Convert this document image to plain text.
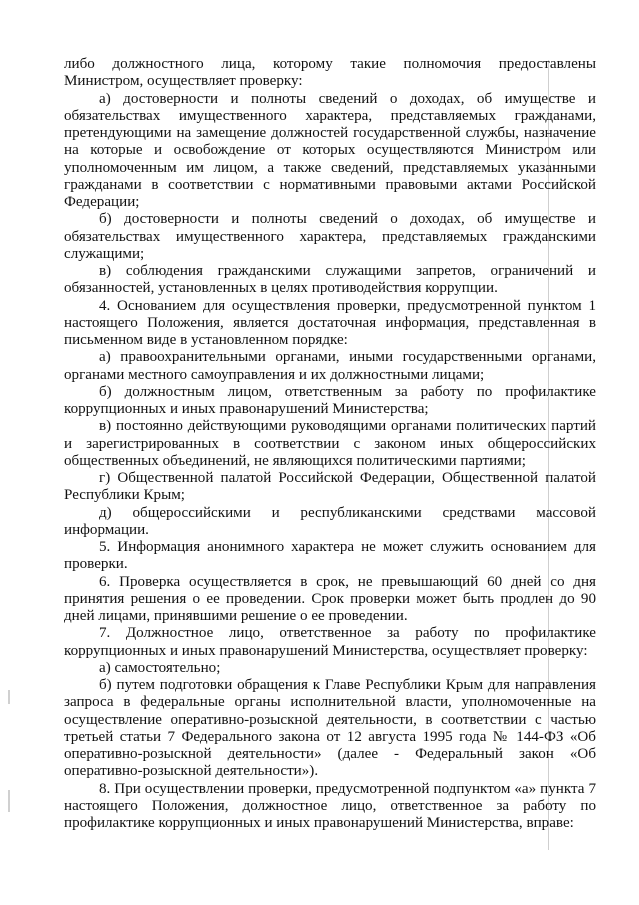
либо должностного лица, которому такие полномочия предоставлены Министром, осуществляет проверку:

а) достоверности и полноты сведений о доходах, об имуществе и обязательствах имущественного характера, представляемых гражданами, претендующими на замещение должностей государственной службы, назначение на которые и освобождение от которых осуществляются Министром или уполномоченным им лицом, а также сведений, представляемых указанными гражданами в соответствии с нормативными правовыми актами Российской Федерации;

б) достоверности и полноты сведений о доходах, об имуществе и обязательствах имущественного характера, представляемых гражданскими служащими;

в) соблюдения гражданскими служащими запретов, ограничений и обязанностей, установленных в целях противодействия коррупции.

4. Основанием для осуществления проверки, предусмотренной пунктом 1 настоящего Положения, является достаточная информация, представленная в письменном виде в установленном порядке:

а) правоохранительными органами, иными государственными органами, органами местного самоуправления и их должностными лицами;

б) должностным лицом, ответственным за работу по профилактике коррупционных и иных правонарушений Министерства;

в) постоянно действующими руководящими органами политических партий и зарегистрированных в соответствии с законом иных общероссийских общественных объединений, не являющихся политическими партиями;

г) Общественной палатой Российской Федерации, Общественной палатой Республики Крым;

д) общероссийскими и республиканскими средствами массовой информации.

5. Информация анонимного характера не может служить основанием для проверки.

6. Проверка осуществляется в срок, не превышающий 60 дней со дня принятия решения о ее проведении. Срок проверки может быть продлен до 90 дней лицами, принявшими решение о ее проведении.

7. Должностное лицо, ответственное за работу по профилактике коррупционных и иных правонарушений Министерства, осуществляет проверку:

а) самостоятельно;

б) путем подготовки обращения к Главе Республики Крым для направления запроса в федеральные органы исполнительной власти, уполномоченные на осуществление оперативно-розыскной деятельности, в соответствии с частью третьей статьи 7 Федерального закона от 12 августа 1995 года № 144-ФЗ «Об оперативно-розыскной деятельности» (далее - Федеральный закон «Об оперативно-розыскной деятельности»).

8. При осуществлении проверки, предусмотренной подпунктом «а» пункта 7 настоящего Положения, должностное лицо, ответственное за работу по профилактике коррупционных и иных правонарушений Министерства, вправе:
